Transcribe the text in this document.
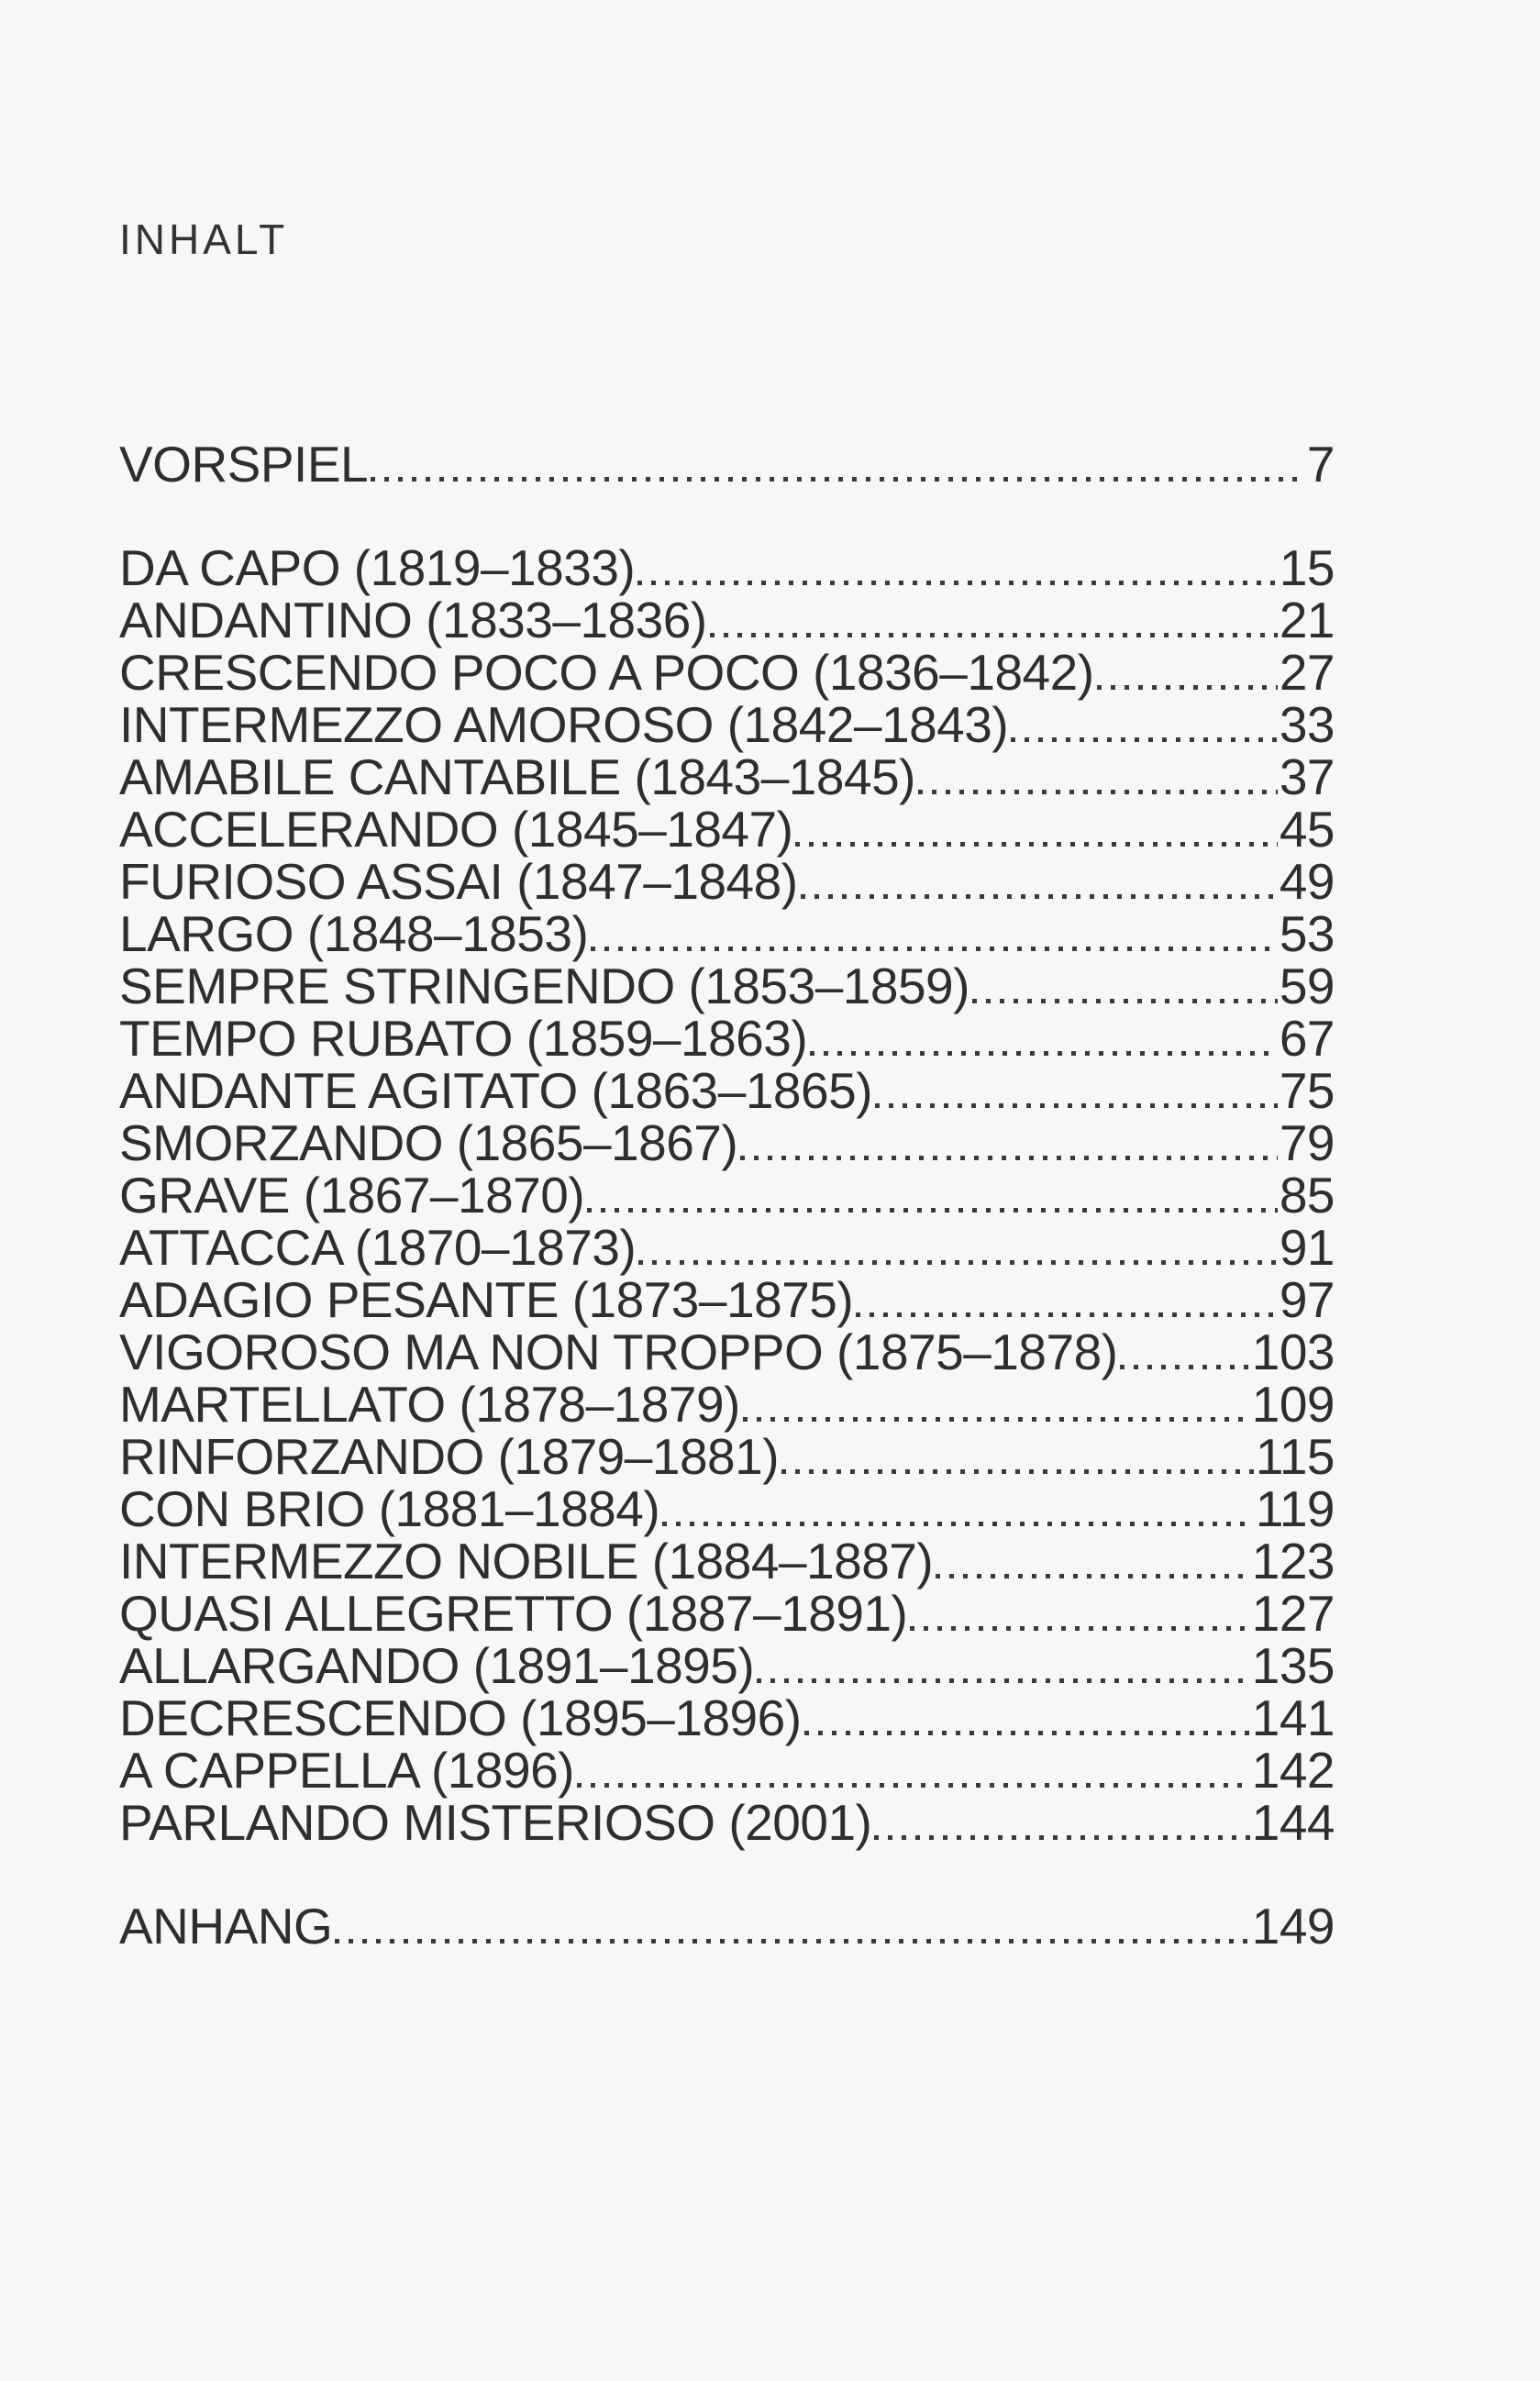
INHALT
VORSPIEL	7
DA CAPO (1819–1833)	15
ANDANTINO (1833–1836)	21
CRESCENDO POCO A POCO (1836–1842)	27
INTERMEZZO AMOROSO (1842–1843)	33
AMABILE CANTABILE (1843–1845)	37
ACCELERANDO (1845–1847)	45
FURIOSO ASSAI (1847–1848)	49
LARGO (1848–1853)	53
SEMPRE STRINGENDO (1853–1859)	59
TEMPO RUBATO (1859–1863)	67
ANDANTE AGITATO (1863–1865)	75
SMORZANDO (1865–1867)	79
GRAVE (1867–1870)	85
ATTACCA (1870–1873)	91
ADAGIO PESANTE (1873–1875)	97
VIGOROSO MA NON TROPPO (1875–1878)	103
MARTELLATO (1878–1879)	109
RINFORZANDO (1879–1881)	115
CON BRIO (1881–1884)	119
INTERMEZZO NOBILE (1884–1887)	123
QUASI ALLEGRETTO (1887–1891)	127
ALLARGANDO (1891–1895)	135
DECRESCENDO (1895–1896)	141
A CAPPELLA (1896)	142
PARLANDO MISTERIOSO (2001)	144
ANHANG	149
